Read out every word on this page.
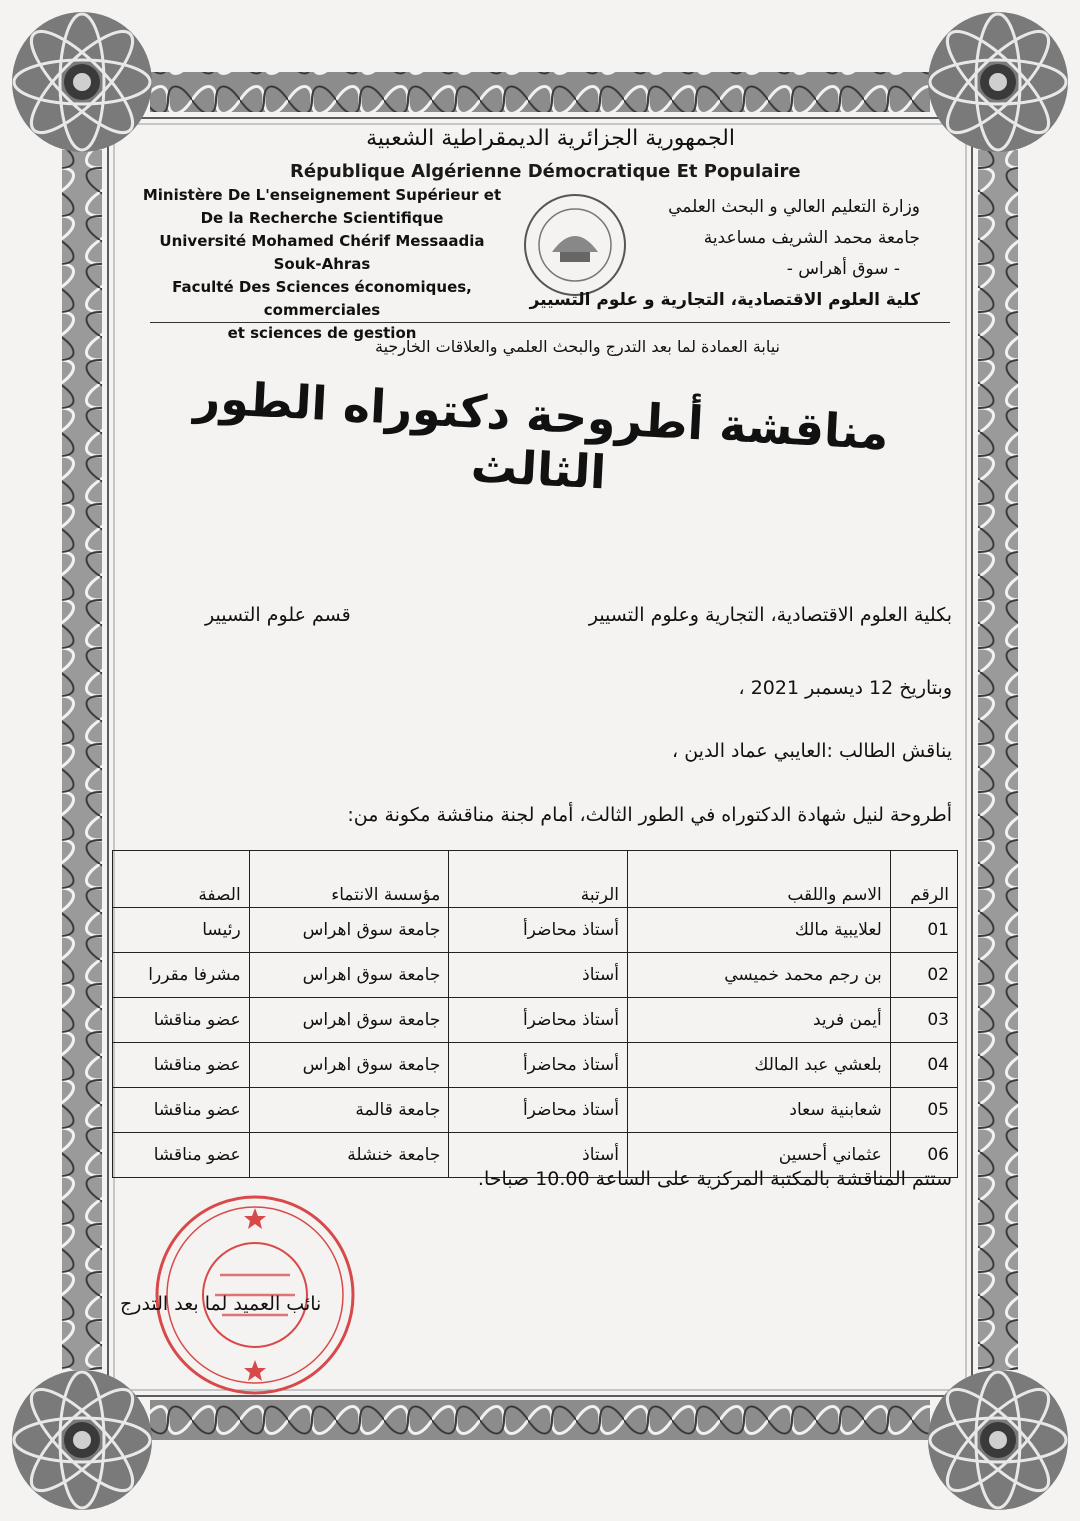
الجمهورية الجزائرية الديمقراطية الشعبية
République Algérienne Démocratique Et Populaire
Ministère De L'enseignement Supérieur et
De la Recherche Scientifique
Université Mohamed Chérif Messaadia
Souk-Ahras
Faculté Des Sciences économiques, commerciales
et sciences de gestion
وزارة التعليم العالي و البحث العلمي
جامعة محمد الشريف مساعدية
- سوق أهراس -
كلية العلوم الاقتصادية، التجارية و علوم التسيير
نيابة العمادة لما بعد التدرج والبحث العلمي والعلاقات الخارجية
مناقشة أطروحة دكتوراه الطور الثالث
بكلية العلوم الاقتصادية، التجارية وعلوم التسيير
قسم علوم التسيير
وبتاريخ 12 ديسمبر 2021 ،
يناقش الطالب :العايبي عماد الدين ،
أطروحة لنيل شهادة الدكتوراه في الطور الثالث، أمام لجنة مناقشة مكونة من:
الرقم	الاسم واللقب	الرتبة	مؤسسة الانتماء	الصفة
01	لعلايبية مالك	أستاذ محاضرأ	جامعة سوق اهراس	رئيسا
02	بن رجم محمد خميسي	أستاذ	جامعة سوق اهراس	مشرفا مقررا
03	أيمن فريد	أستاذ محاضرأ	جامعة سوق اهراس	عضو مناقشا
04	بلعشي عبد المالك	أستاذ محاضرأ	جامعة سوق اهراس	عضو مناقشا
05	شعابنية سعاد	أستاذ محاضرأ	جامعة قالمة	عضو مناقشا
06	عثماني أحسين	أستاذ	جامعة خنشلة	عضو مناقشا
ستتم المناقشة بالمكتبة المركزية على الساعة 10.00 صباحا.
نائب العميد لما بعد التدرج
